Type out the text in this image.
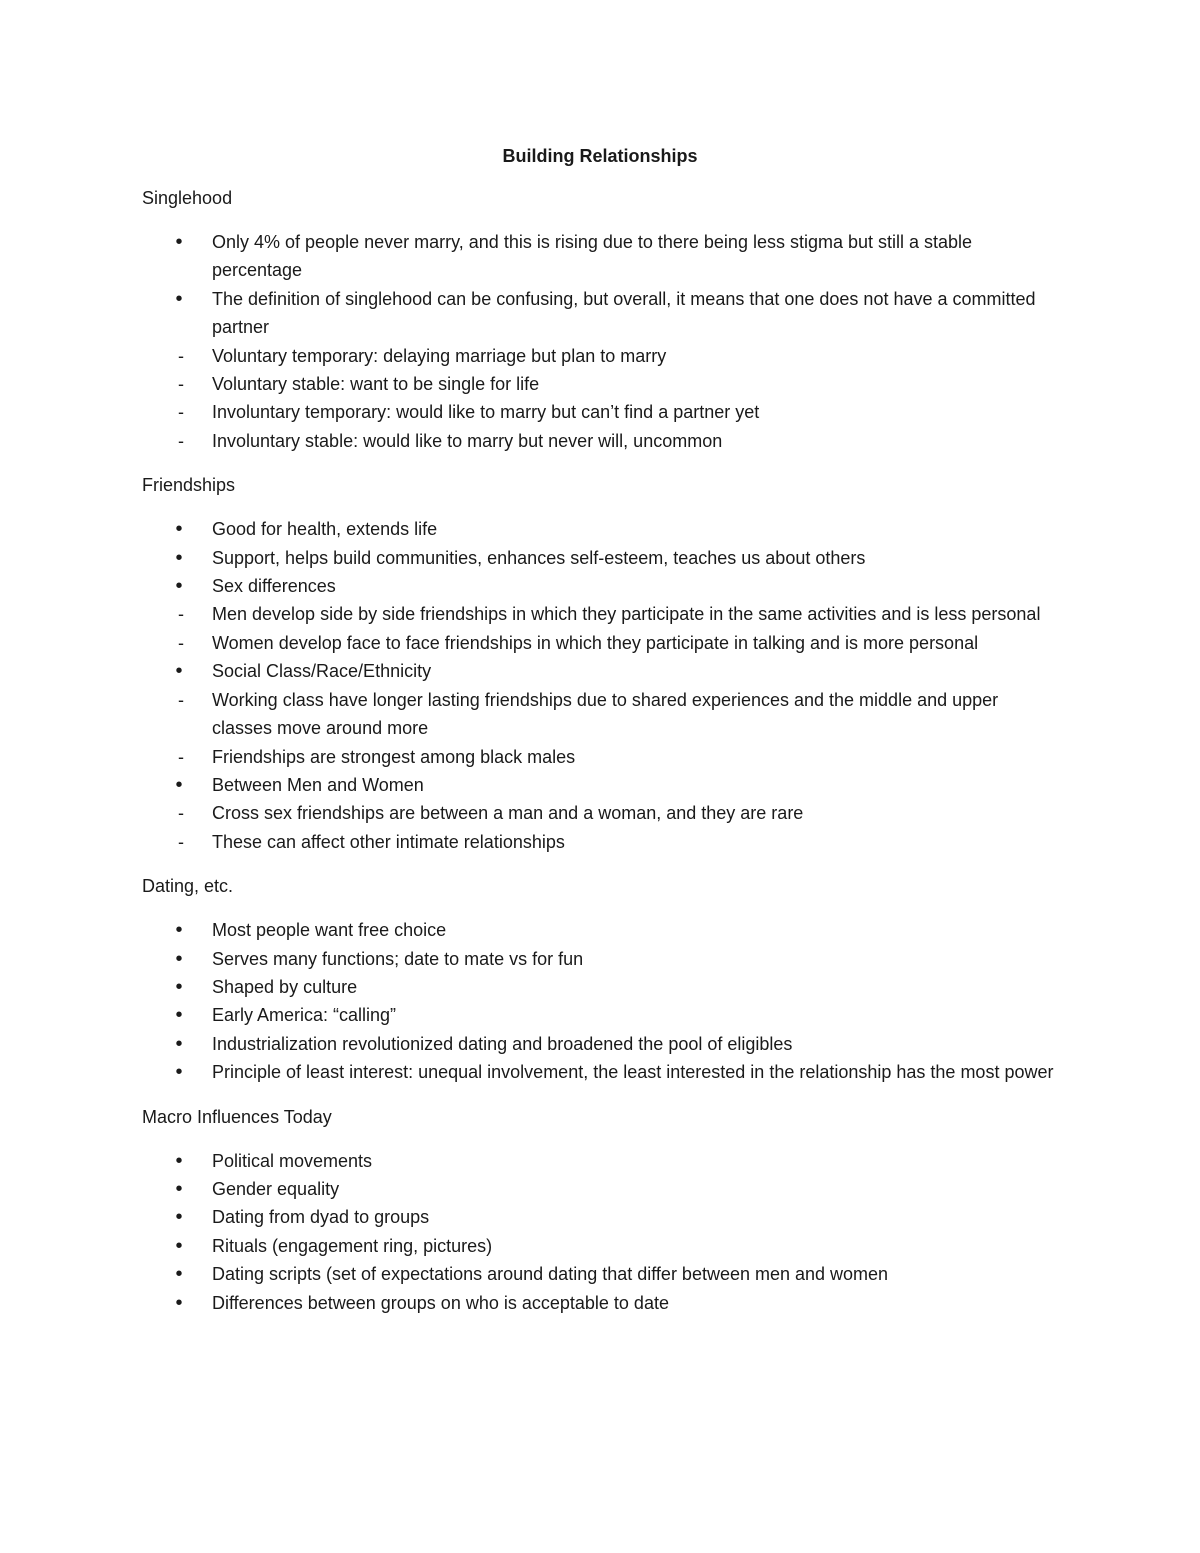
Building Relationships
Singlehood
• Only 4% of people never marry, and this is rising due to there being less stigma but still a stable percentage
• The definition of singlehood can be confusing, but overall, it means that one does not have a committed partner
- Voluntary temporary: delaying marriage but plan to marry
- Voluntary stable: want to be single for life
- Involuntary temporary: would like to marry but can’t find a partner yet
- Involuntary stable: would like to marry but never will, uncommon
Friendships
• Good for health, extends life
• Support, helps build communities, enhances self-esteem, teaches us about others
• Sex differences
- Men develop side by side friendships in which they participate in the same activities and is less personal
- Women develop face to face friendships in which they participate in talking and is more personal
• Social Class/Race/Ethnicity
- Working class have longer lasting friendships due to shared experiences and the middle and upper classes move around more
- Friendships are strongest among black males
• Between Men and Women
- Cross sex friendships are between a man and a woman, and they are rare
- These can affect other intimate relationships
Dating, etc.
• Most people want free choice
• Serves many functions; date to mate vs for fun
• Shaped by culture
• Early America: “calling”
• Industrialization revolutionized dating and broadened the pool of eligibles
• Principle of least interest: unequal involvement, the least interested in the relationship has the most power
Macro Influences Today
• Political movements
• Gender equality
• Dating from dyad to groups
• Rituals (engagement ring, pictures)
• Dating scripts (set of expectations around dating that differ between men and women
• Differences between groups on who is acceptable to date
